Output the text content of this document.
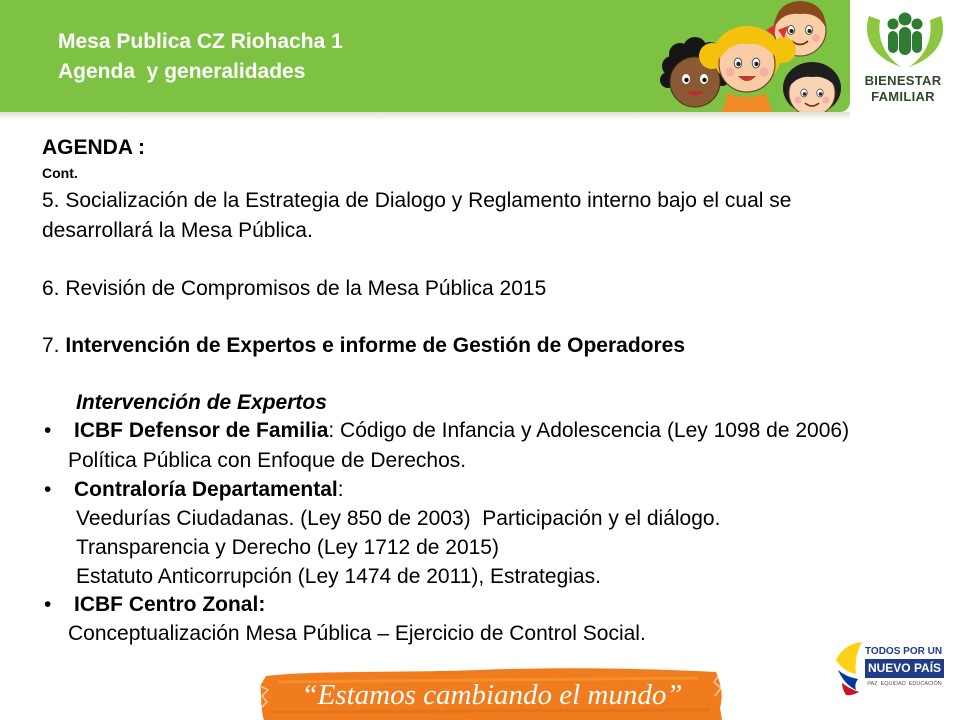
Mesa Publica CZ Riohacha 1
Agenda  y generalidades	BIENESTAR
FAMILIAR
AGENDA :
Cont.
5. Socialización de la Estrategia de Dialogo y Reglamento interno bajo el cual se
desarrollará la Mesa Pública.
6. Revisión de Compromisos de la Mesa Pública 2015
7. Intervención de Expertos e informe de Gestión de Operadores
Intervención de Expertos
• ICBF Defensor de Familia: Código de Infancia y Adolescencia (Ley 1098 de 2006)
Política Pública con Enfoque de Derechos.
• Contraloría Departamental:
Veedurías Ciudadanas. (Ley 850 de 2003)  Participación y el diálogo.
Transparencia y Derecho (Ley 1712 de 2015)
Estatuto Anticorrupción (Ley 1474 de 2011), Estrategias.
• ICBF Centro Zonal:
Conceptualización Mesa Pública – Ejercicio de Control Social.
“Estamos cambiando el mundo”
TODOS POR UN
NUEVO PAÍS
PAZ  EQUIDAD  EDUCACIÓN
